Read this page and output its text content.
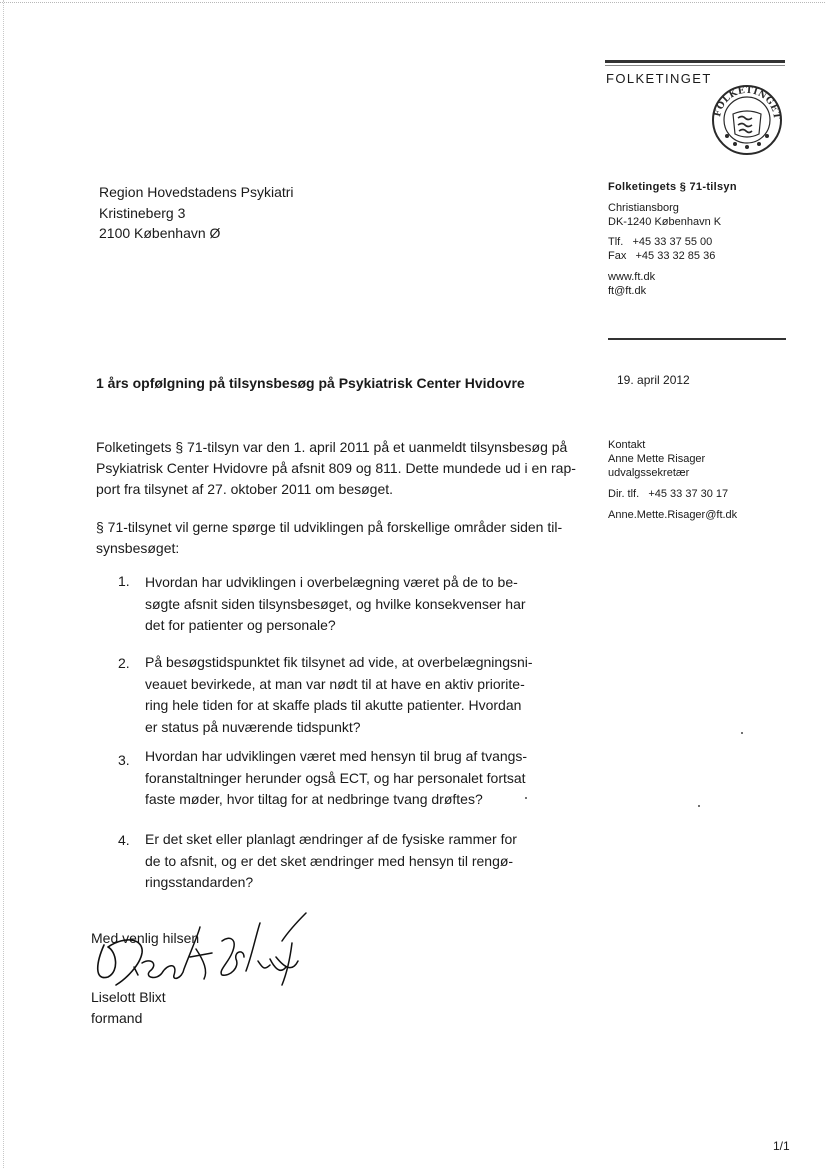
FOLKETINGET
FOLKETINGET
Region Hovedstadens Psykiatri
Kristineberg 3
2100 København Ø
Folketingets § 71-tilsyn
Christiansborg
DK-1240 København K
Tlf.   +45 33 37 55 00
Fax   +45 33 32 85 36
www.ft.dk
ft@ft.dk
19. april 2012
1 års opfølgning på tilsynsbesøg på Psykiatrisk Center Hvidovre
Folketingets § 71-tilsyn var den 1. april 2011 på et uanmeldt tilsynsbesøg på
Psykiatrisk Center Hvidovre på afsnit 809 og 811. Dette mundede ud i en rap-
port fra tilsynet af 27. oktober 2011 om besøget.
§ 71-tilsynet vil gerne spørge til udviklingen på forskellige områder siden til-
synsbesøget:
Kontakt
Anne Mette Risager
udvalgssekretær
Dir. tlf.   +45 33 37 30 17
Anne.Mette.Risager@ft.dk
1. Hvordan har udviklingen i overbelægning været på de to be-
søgte afsnit siden tilsynsbesøget, og hvilke konsekvenser har
det for patienter og personale?
2. På besøgstidspunktet fik tilsynet ad vide, at overbelægningsni-
veauet bevirkede, at man var nødt til at have en aktiv priorite-
ring hele tiden for at skaffe plads til akutte patienter. Hvordan
er status på nuværende tidspunkt?
3. Hvordan har udviklingen været med hensyn til brug af tvangs-
foranstaltninger herunder også ECT, og har personalet fortsat
faste møder, hvor tiltag for at nedbringe tvang drøftes?
4. Er det sket eller planlagt ændringer af de fysiske rammer for
de to afsnit, og er det sket ændringer med hensyn til rengø-
ringsstandarden?
Med venlig hilsen
Liselott Blixt
formand
1/1
